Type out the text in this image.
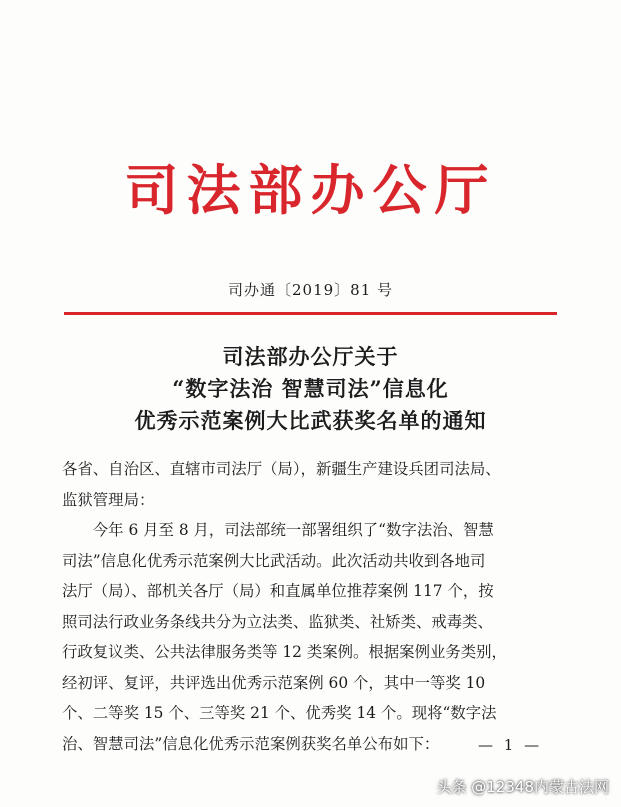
司法部办公厅
司办通〔2019〕81 号
司法部办公厅关于
“数字法治 智慧司法”信息化
优秀示范案例大比武获奖名单的通知
各省、自治区、直辖市司法厅（局），新疆生产建设兵团司法局、
监狱管理局：
　　今年 6 月至 8 月，司法部统一部署组织了“数字法治、智慧
司法”信息化优秀示范案例大比武活动。此次活动共收到各地司
法厅（局）、部机关各厅（局）和直属单位推荐案例 117 个，按
照司法行政业务条线共分为立法类、监狱类、社矫类、戒毒类、
行政复议类、公共法律服务类等 12 类案例。根据案例业务类别，
经初评、复评，共评选出优秀示范案例 60 个，其中一等奖 10
个、二等奖 15 个、三等奖 21 个、优秀奖 14 个。现将“数字法
治、智慧司法”信息化优秀示范案例获奖名单公布如下：	— 1 —
头条 @12348内蒙古法网
